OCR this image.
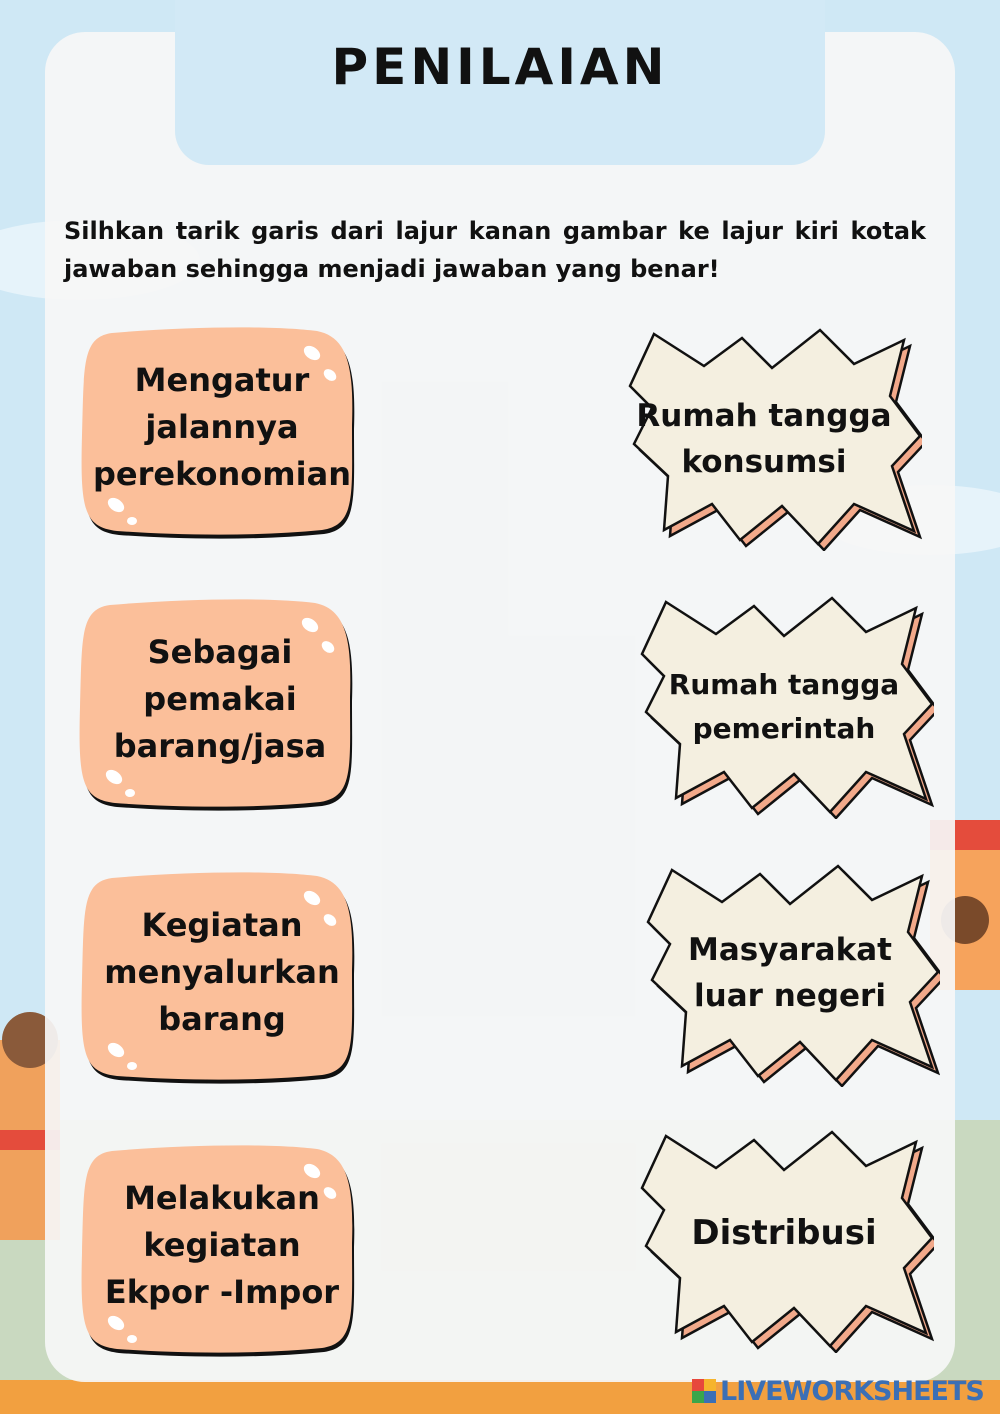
PENILAIAN

Silhkan tarik garis dari lajur kanan gambar ke lajur kiri kotak jawaban sehingga menjadi jawaban yang benar!

Mengatur
jalannya
perekonomian
Sebagai
pemakai
barang/jasa
Kegiatan
menyalurkan
barang
Melakukan
kegiatan
Ekpor -Impor
Rumah tangga
konsumsi
Rumah tangga
pemerintah
Masyarakat
luar negeri
Distribusi
LIVEWORKSHEETS
